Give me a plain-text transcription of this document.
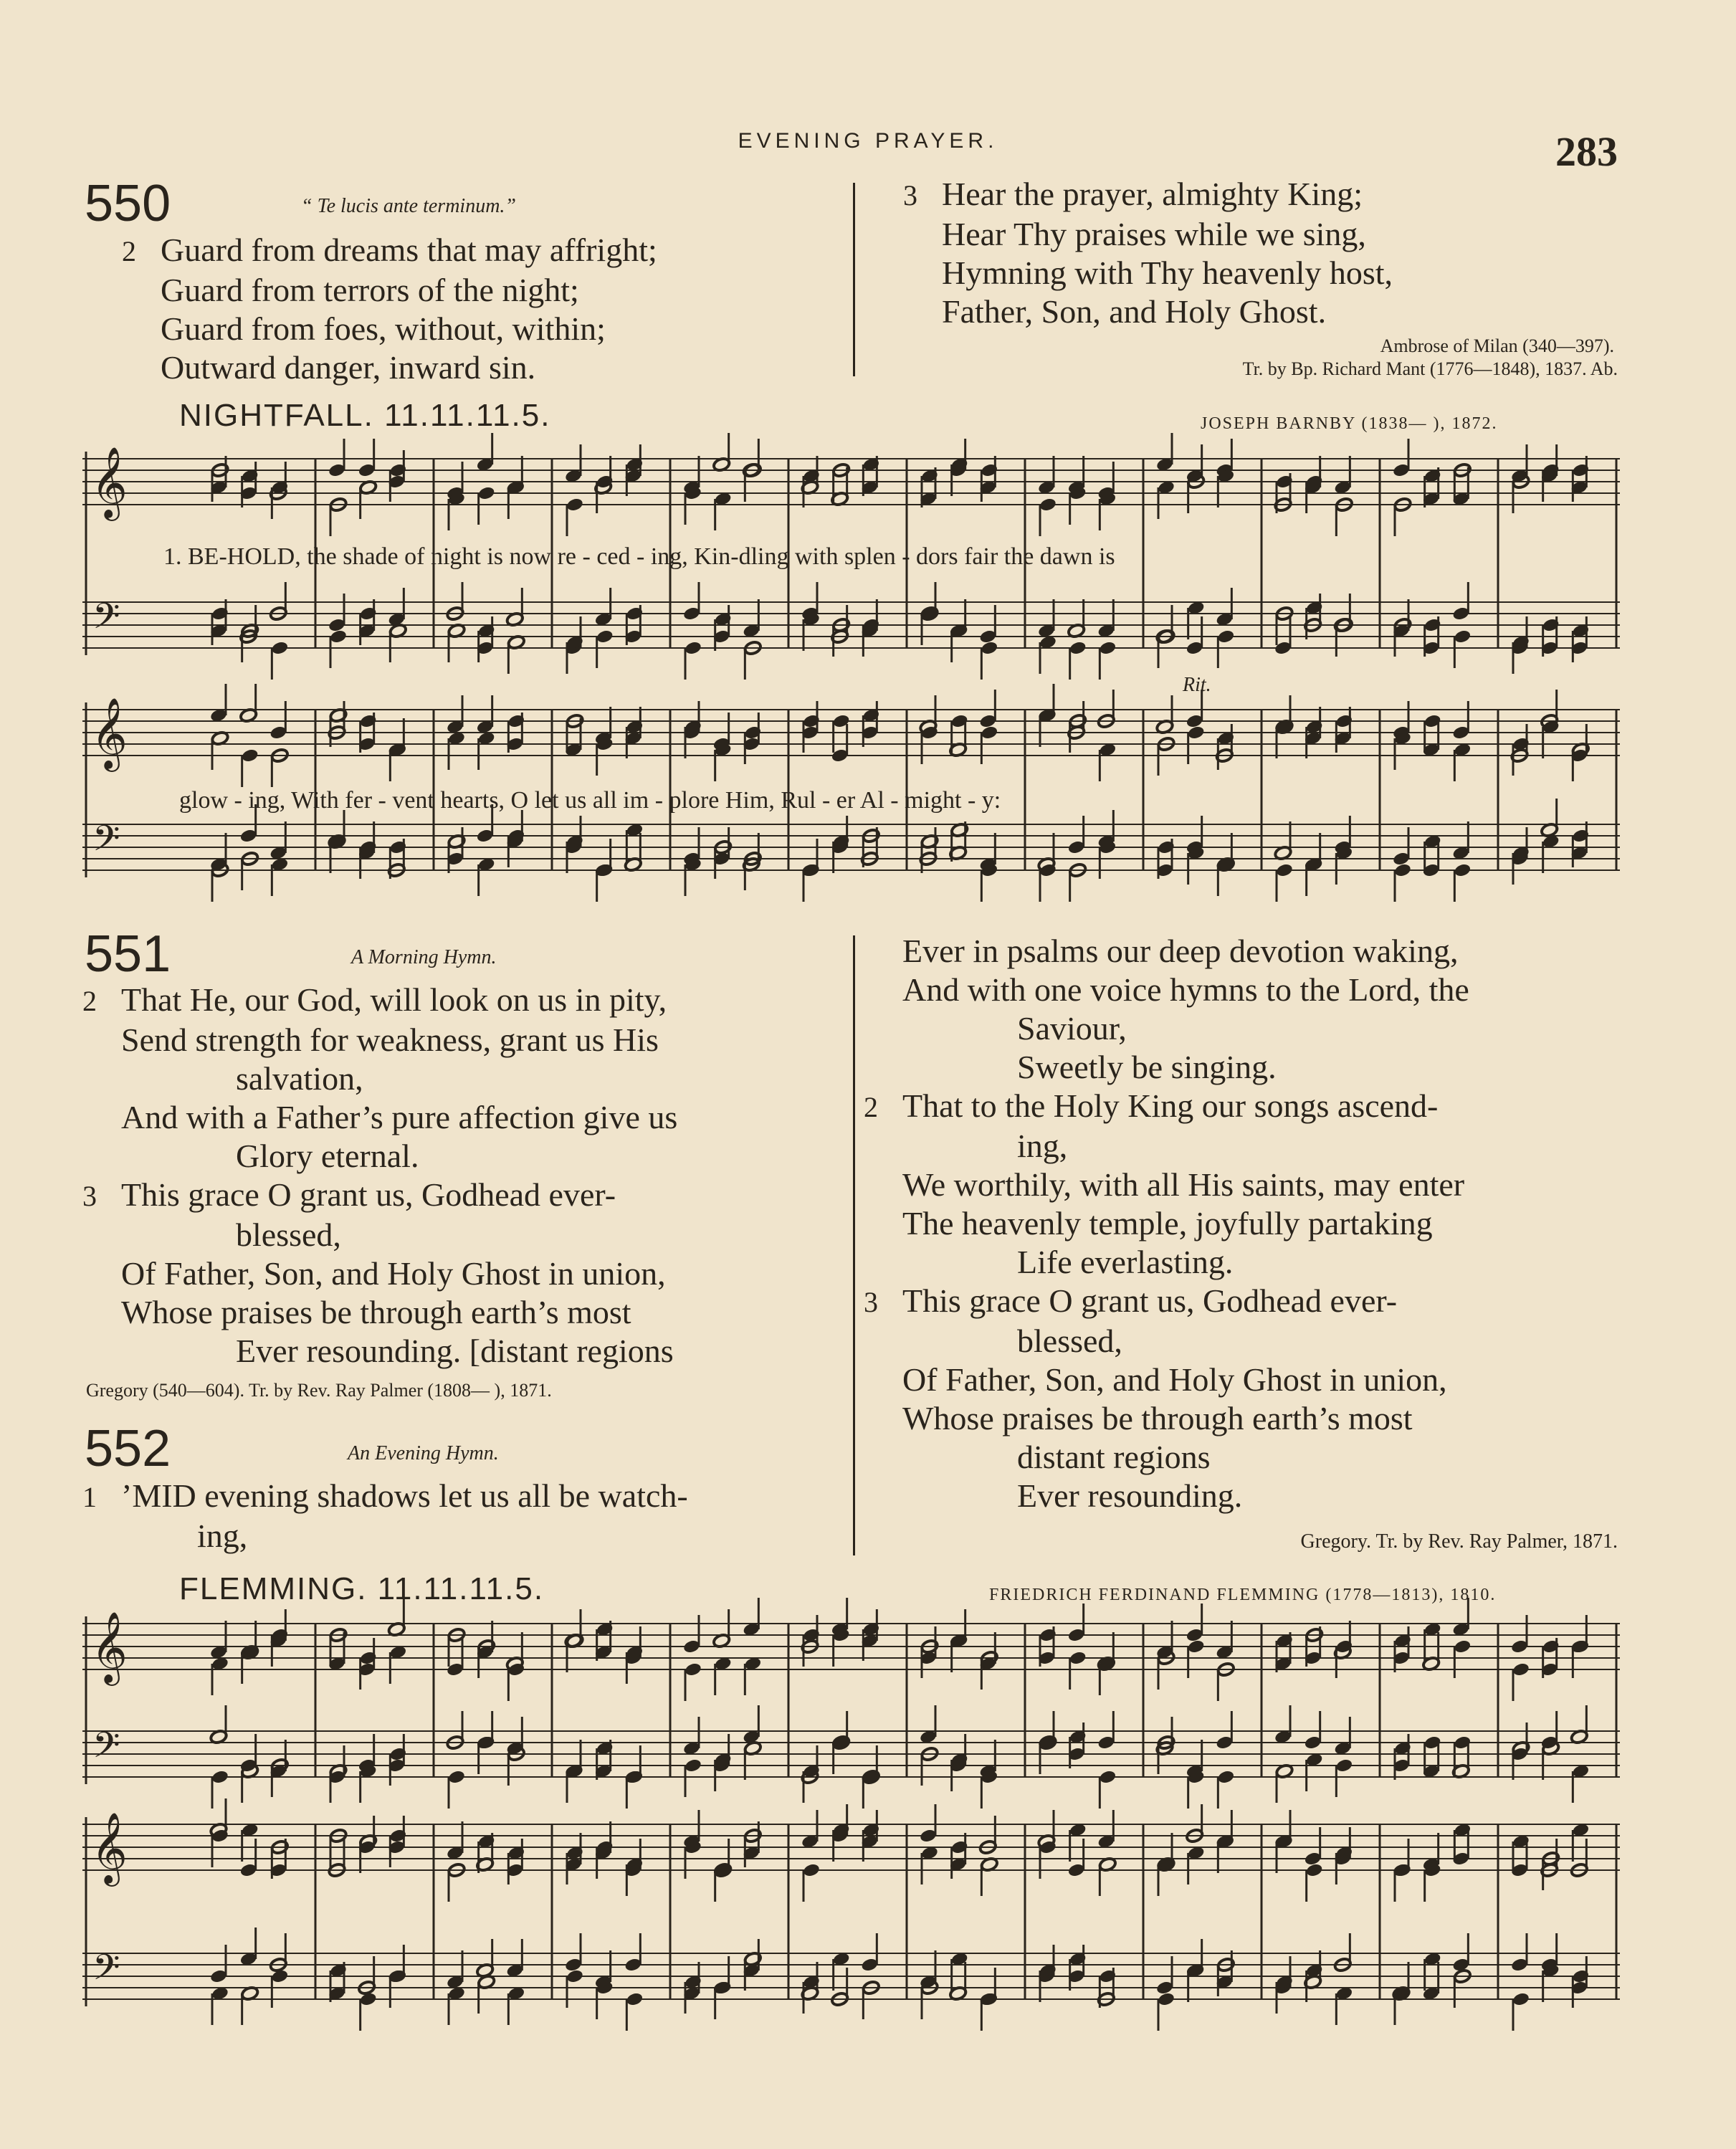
EVENING PRAYER.	283
550	“ Te lucis ante terminum.”
2 Guard from dreams that may affright;
Guard from terrors of the night;
Guard from foes, without, within;
Outward danger, inward sin.
3 Hear the prayer, almighty King;
Hear Thy praises while we sing,
Hymning with Thy heavenly host,
Father, Son, and Holy Ghost.
Ambrose of Milan (340—397).
Tr. by Bp. Richard Mant (1776—1848), 1837. Ab.
NIGHTFALL. 11.11.11.5.	JOSEPH BARNBY (1838— ), 1872.
𝄞
𝄢
1. BE-HOLD, the shade of night is now re - ced - ing, Kin-dling with splen - dors fair the dawn is
𝄞
𝄢
Rit.
glow - ing, With fer - vent hearts, O let us all im - plore Him, Rul - er Al - might - y:
551	A Morning Hymn.
2 That He, our God, will look on us in pity,
Send strength for weakness, grant us His
salvation,
And with a Father’s pure affection give us
Glory eternal.
3 This grace O grant us, Godhead ever-
blessed,
Of Father, Son, and Holy Ghost in union,
Whose praises be through earth’s most
Ever resounding. [distant regions
Gregory (540—604). Tr. by Rev. Ray Palmer (1808— ), 1871.
552	An Evening Hymn.
1 ’MID evening shadows let us all be watch-
ing,
Ever in psalms our deep devotion waking,
And with one voice hymns to the Lord, the
Saviour,
Sweetly be singing.
2 That to the Holy King our songs ascend-
ing,
We worthily, with all His saints, may enter
The heavenly temple, joyfully partaking
Life everlasting.
3 This grace O grant us, Godhead ever-
blessed,
Of Father, Son, and Holy Ghost in union,
Whose praises be through earth’s most
distant regions
Ever resounding.
Gregory. Tr. by Rev. Ray Palmer, 1871.
FLEMMING. 11.11.11.5.	FRIEDRICH FERDINAND FLEMMING (1778—1813), 1810.
𝄞
𝄢
𝄞
𝄢
